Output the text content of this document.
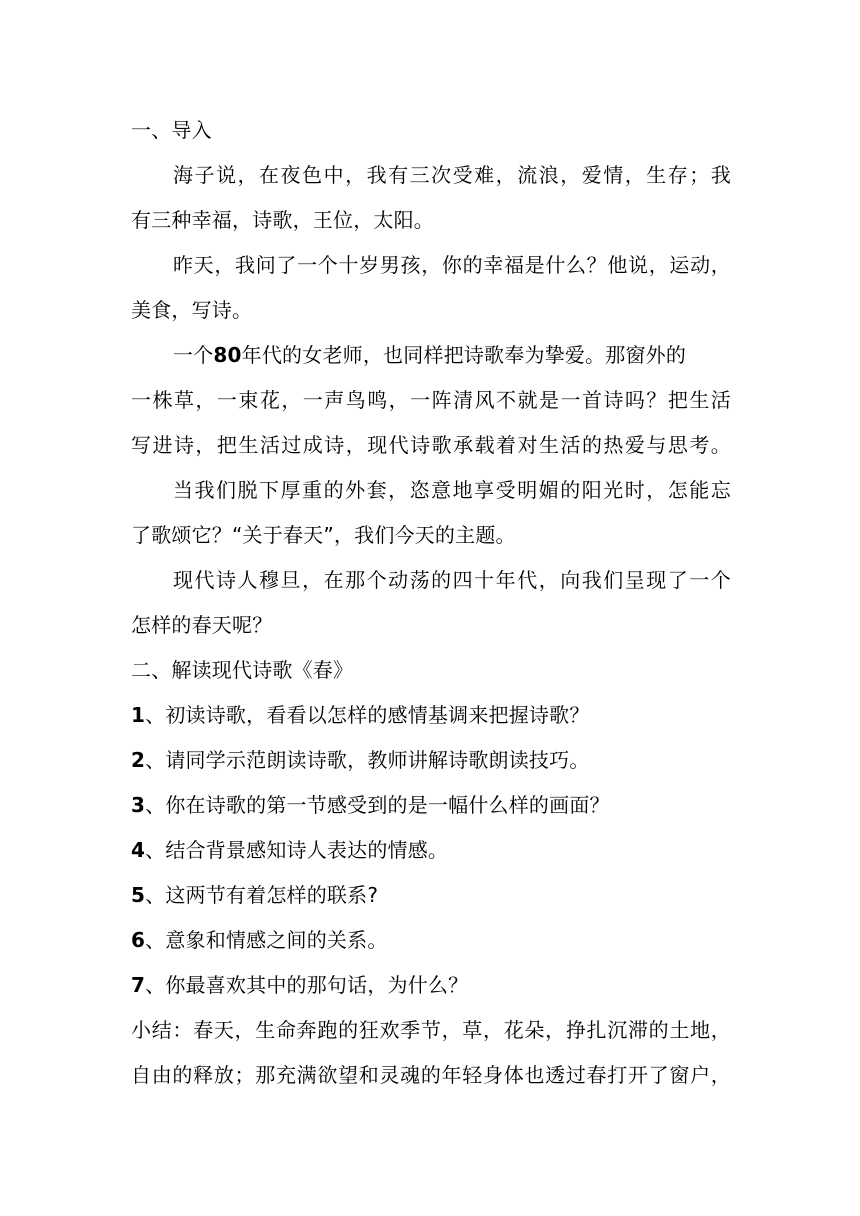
一、导入
海子说，在夜色中，我有三次受难，流浪，爱情，生存；我
有三种幸福，诗歌，王位，太阳。
昨天，我问了一个十岁男孩，你的幸福是什么？他说，运动，
美食，写诗。
一个80年代的女老师，也同样把诗歌奉为挚爱。那窗外的
一株草，一束花，一声鸟鸣，一阵清风不就是一首诗吗？把生活
写进诗，把生活过成诗，现代诗歌承载着对生活的热爱与思考。
当我们脱下厚重的外套，恣意地享受明媚的阳光时，怎能忘
了歌颂它？“关于春天”，我们今天的主题。
现代诗人穆旦，在那个动荡的四十年代，向我们呈现了一个
怎样的春天呢？
二、解读现代诗歌《春》
1、初读诗歌，看看以怎样的感情基调来把握诗歌？
2、请同学示范朗读诗歌，教师讲解诗歌朗读技巧。
3、你在诗歌的第一节感受到的是一幅什么样的画面？
4、结合背景感知诗人表达的情感。
5、这两节有着怎样的联系?
6、意象和情感之间的关系。
7、你最喜欢其中的那句话，为什么？
小结：春天，生命奔跑的狂欢季节，草，花朵，挣扎沉滞的土地，
自由的释放；那充满欲望和灵魂的年轻身体也透过春打开了窗户，
